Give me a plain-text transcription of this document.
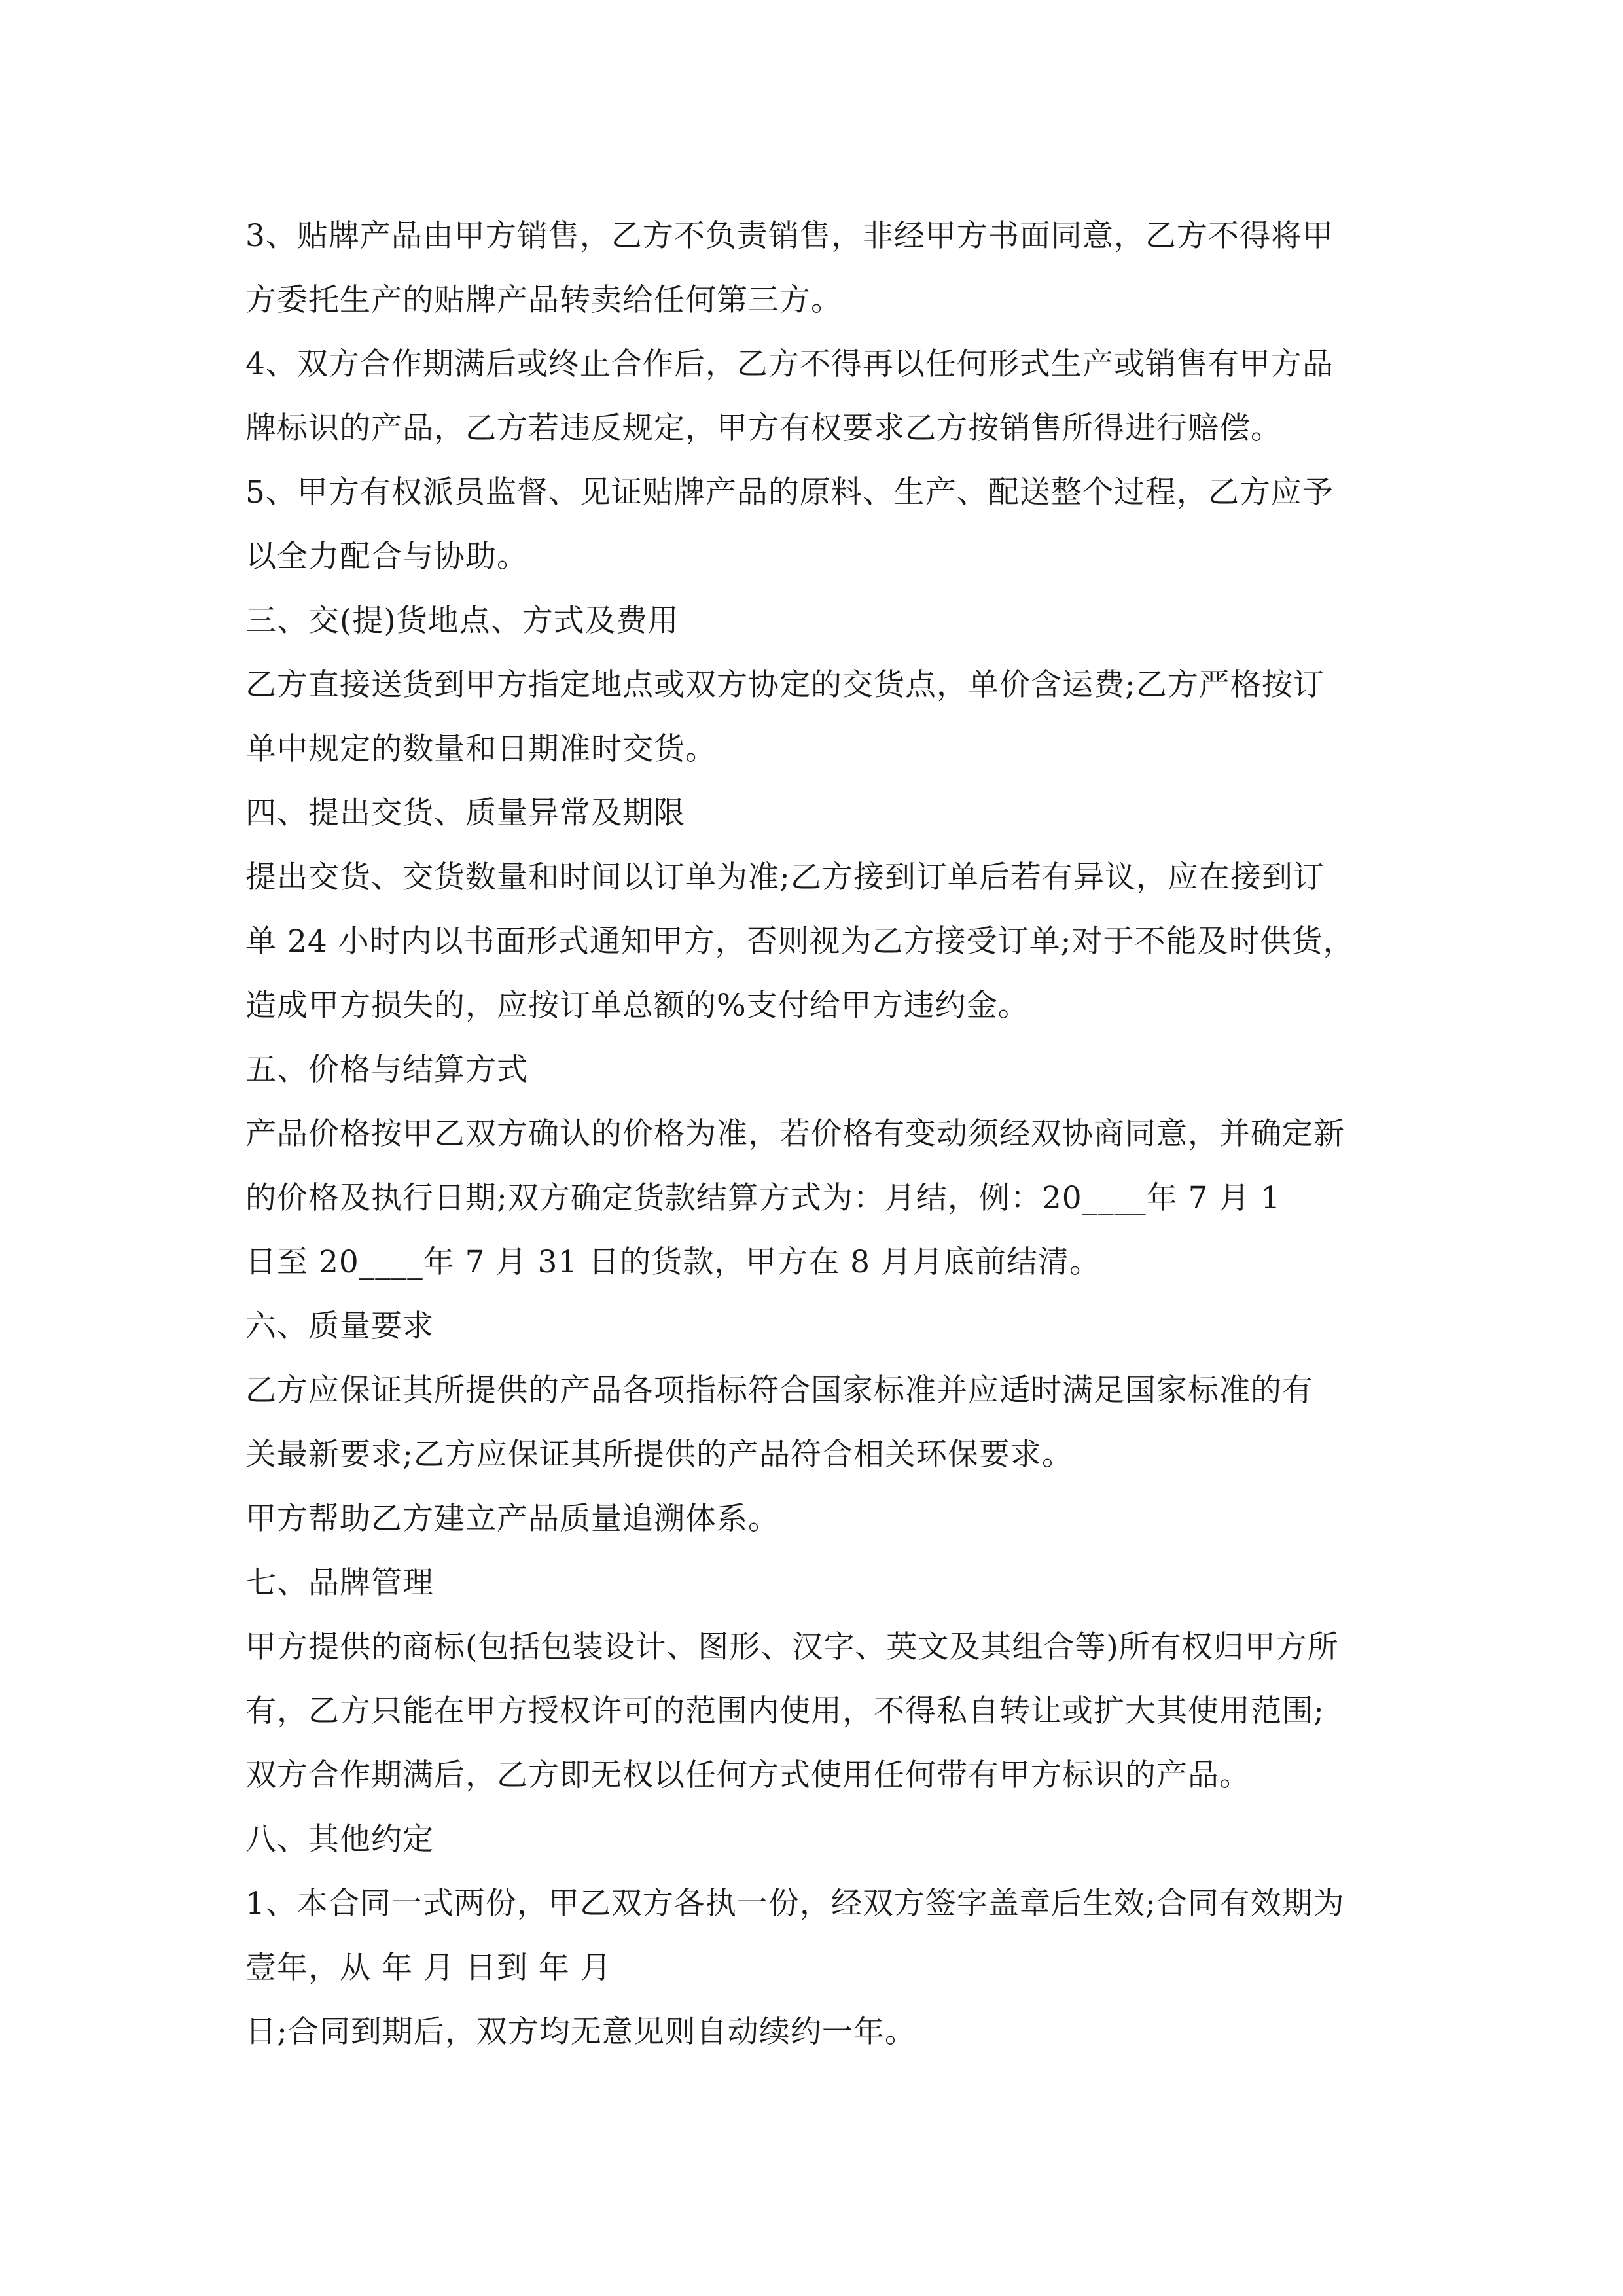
3、贴牌产品由甲方销售，乙方不负责销售，非经甲方书面同意，乙方不得将甲
方委托生产的贴牌产品转卖给任何第三方。
4、双方合作期满后或终止合作后，乙方不得再以任何形式生产或销售有甲方品
牌标识的产品，乙方若违反规定，甲方有权要求乙方按销售所得进行赔偿。
5、甲方有权派员监督、见证贴牌产品的原料、生产、配送整个过程，乙方应予
以全力配合与协助。
三、交(提)货地点、方式及费用
乙方直接送货到甲方指定地点或双方协定的交货点，单价含运费;乙方严格按订
单中规定的数量和日期准时交货。
四、提出交货、质量异常及期限
提出交货、交货数量和时间以订单为准;乙方接到订单后若有异议，应在接到订
单 24 小时内以书面形式通知甲方，否则视为乙方接受订单;对于不能及时供货，
造成甲方损失的，应按订单总额的%支付给甲方违约金。
五、价格与结算方式
产品价格按甲乙双方确认的价格为准，若价格有变动须经双协商同意，并确定新
的价格及执行日期;双方确定货款结算方式为：月结，例：20____年 7 月 1
日至 20____年 7 月 31 日的货款，甲方在 8 月月底前结清。
六、质量要求
乙方应保证其所提供的产品各项指标符合国家标准并应适时满足国家标准的有
关最新要求;乙方应保证其所提供的产品符合相关环保要求。
甲方帮助乙方建立产品质量追溯体系。
七、品牌管理
甲方提供的商标(包括包装设计、图形、汉字、英文及其组合等)所有权归甲方所
有，乙方只能在甲方授权许可的范围内使用，不得私自转让或扩大其使用范围;
双方合作期满后，乙方即无权以任何方式使用任何带有甲方标识的产品。
八、其他约定
1、本合同一式两份，甲乙双方各执一份，经双方签字盖章后生效;合同有效期为
壹年，从 年 月 日到 年 月
日;合同到期后，双方均无意见则自动续约一年。
